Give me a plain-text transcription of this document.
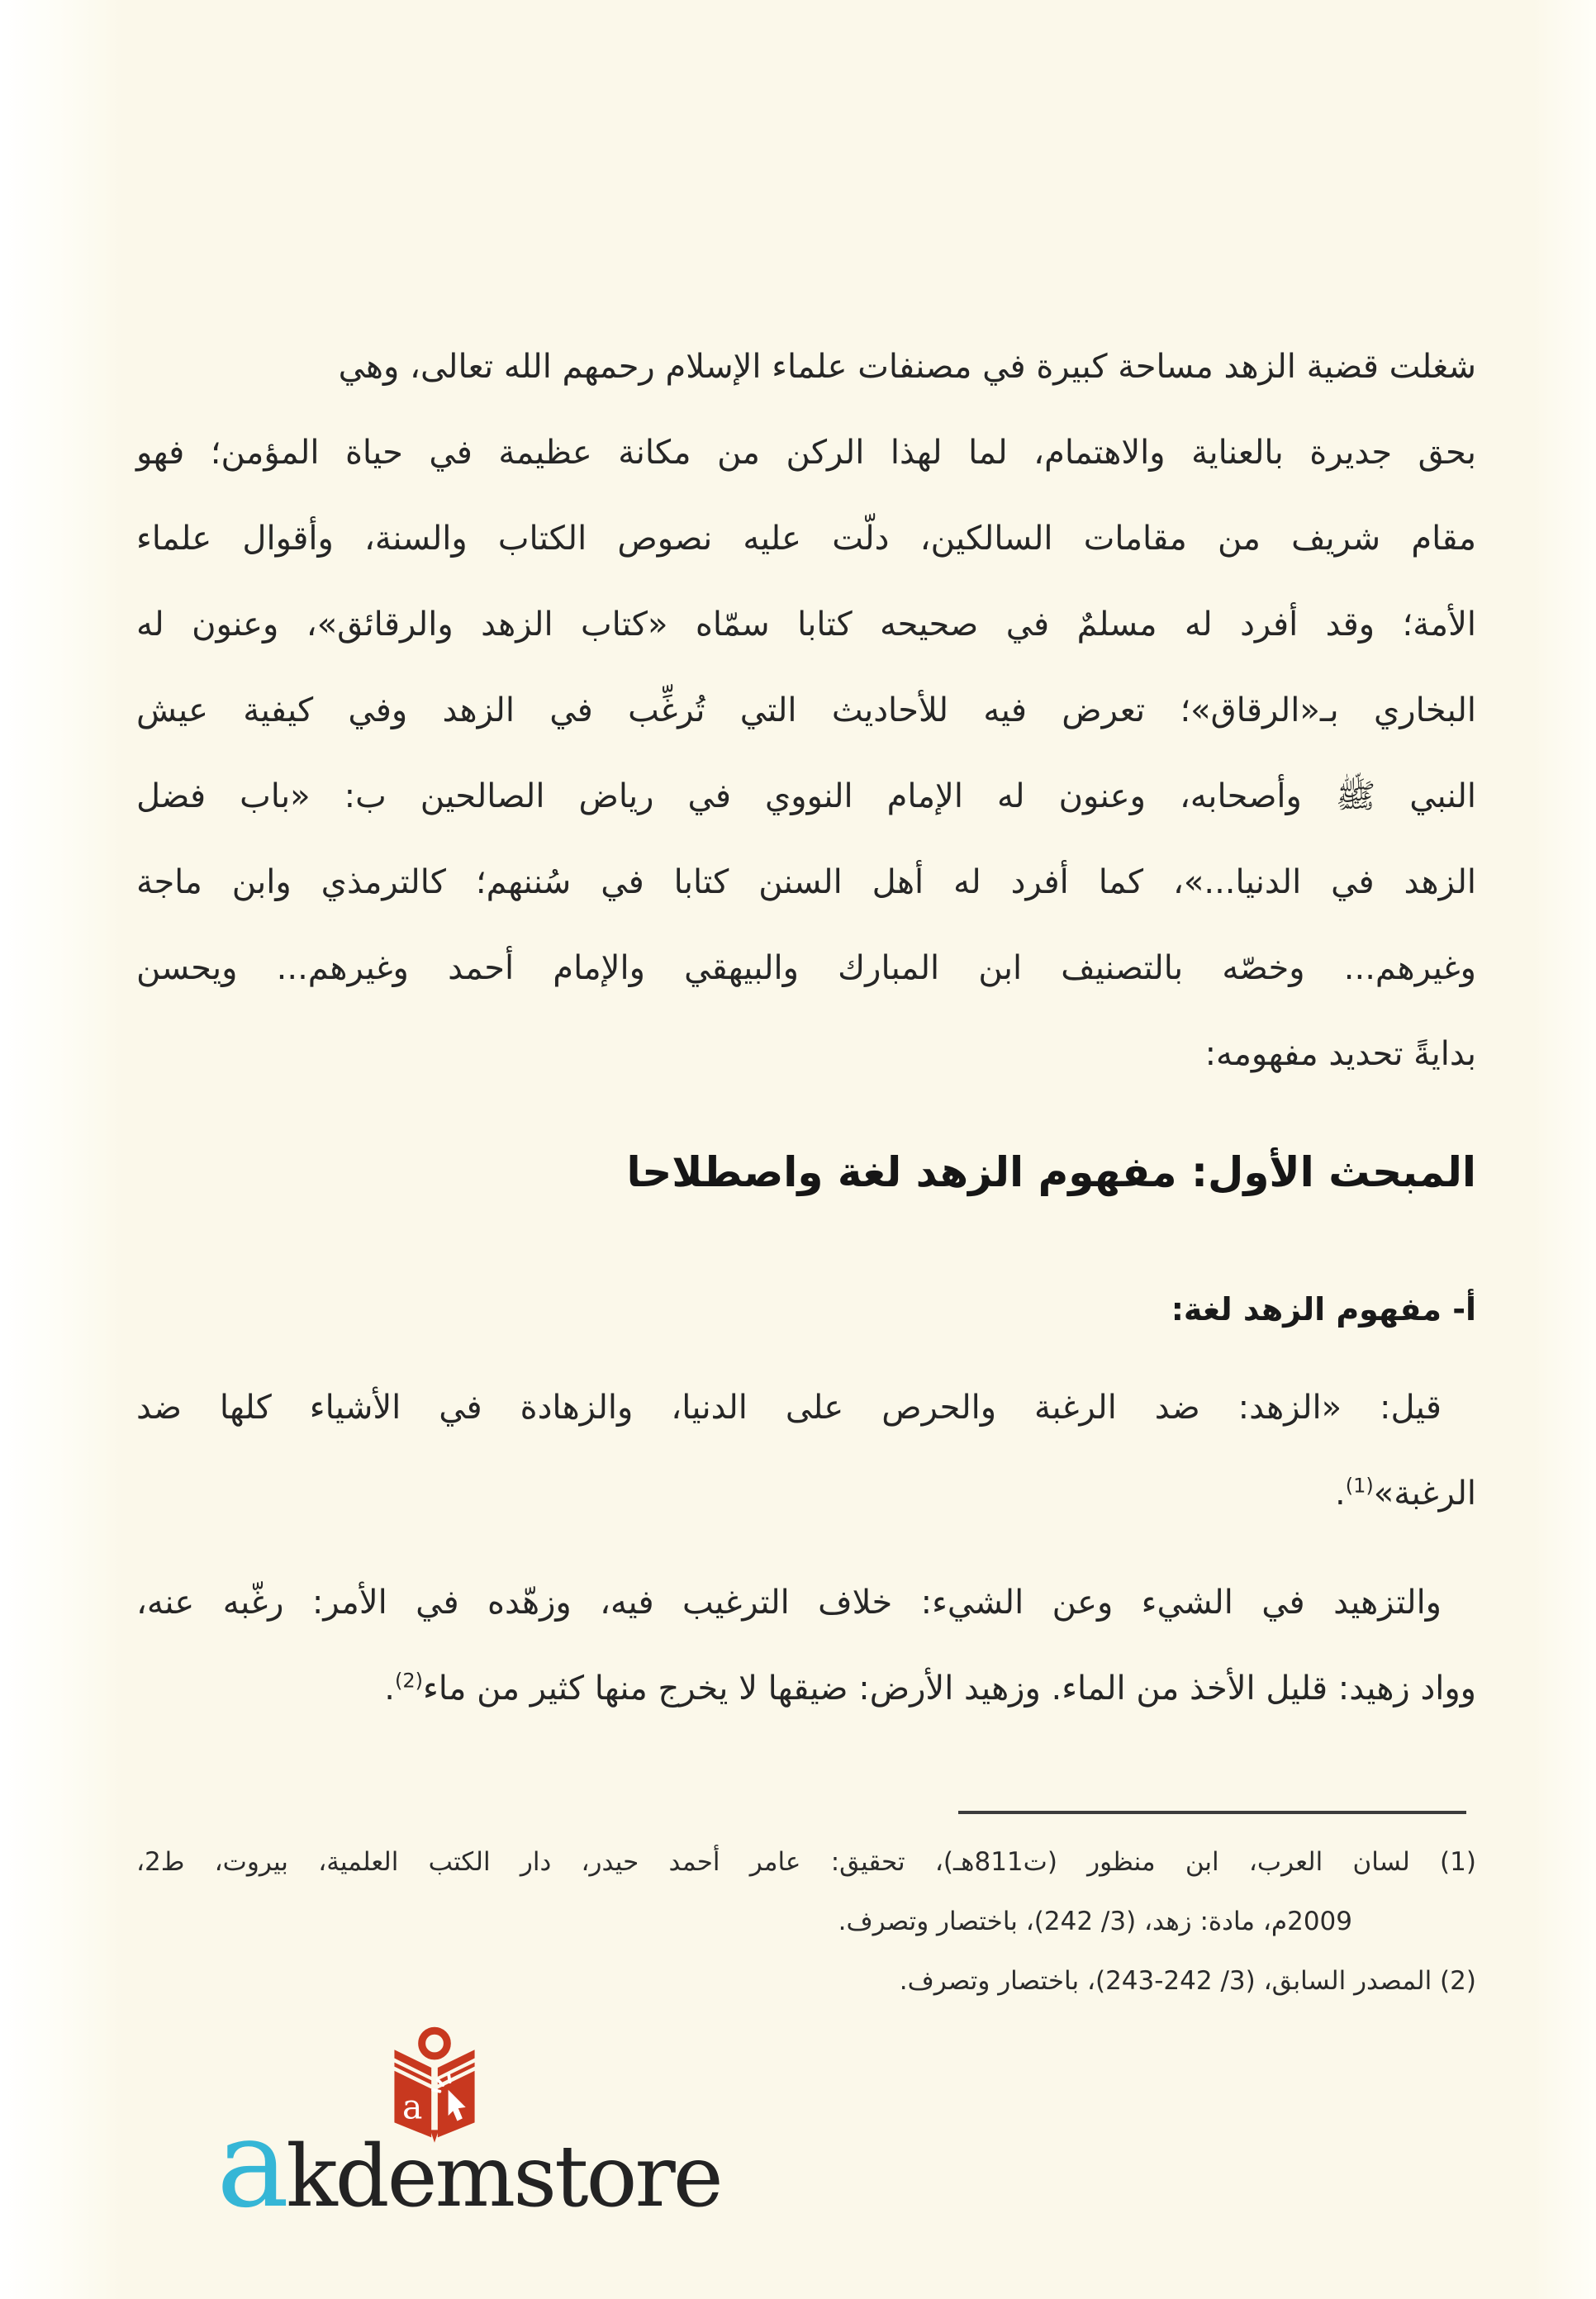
شغلت قضية الزهد مساحة كبيرة في مصنفات علماء الإسلام رحمهم الله تعالى، وهي
بحق جديرة بالعناية والاهتمام، لما لهذا الركن من مكانة عظيمة في حياة المؤمن؛ فهو
مقام شريف من مقامات السالكين، دلّت عليه نصوص الكتاب والسنة، وأقوال علماء
الأمة؛ وقد أفرد له مسلمٌ في صحيحه كتابا سمّاه «كتاب الزهد والرقائق»، وعنون له
البخاري بـ«الرقاق»؛ تعرض فيه للأحاديث التي تُرغِّب في الزهد وفي كيفية عيش
النبي ﷺ وأصحابه، وعنون له الإمام النووي في رياض الصالحين ب: «باب فضل
الزهد في الدنيا...»، كما أفرد له أهل السنن كتابا في سُننهم؛ كالترمذي وابن ماجة
وغيرهم... وخصّه بالتصنيف ابن المبارك والبيهقي والإمام أحمد وغيرهم... ويحسن
بدايةً تحديد مفهومه:
المبحث الأول: مفهوم الزهد لغة واصطلاحا
أ- مفهوم الزهد لغة:
قيل: «الزهد: ضد الرغبة والحرص على الدنيا، والزهادة في الأشياء كلها ضد
الرغبة»$^{(1)}$.
والتزهيد في الشيء وعن الشيء: خلاف الترغيب فيه، وزهّده في الأمر: رغّبه عنه،
وواد زهيد: قليل الأخذ من الماء. وزهيد الأرض: ضيقها لا يخرج منها كثير من ماء$^{(2)}$.
(1) لسان العرب، ابن منظور (ت811هـ)، تحقيق: عامر أحمد حيدر، دار الكتب العلمية، بيروت، ط2،
2009م، مادة: زهد، (3/ 242)، باختصار وتصرف.
(2) المصدر السابق، (3/ 242-243)، باختصار وتصرف.
a
akdemstore
